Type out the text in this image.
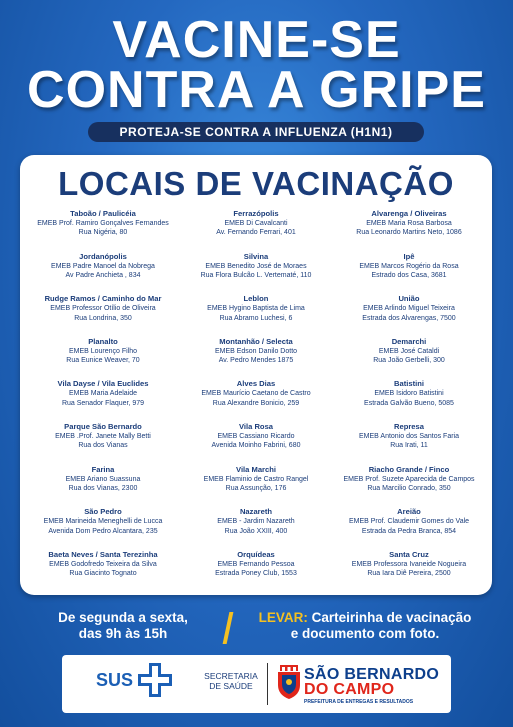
VACINE-SE
CONTRA A GRIPE
PROTEJA-SE CONTRA A INFLUENZA (H1N1)
LOCAIS DE VACINAÇÃO
Taboão / Paulicéia
EMEB Prof. Ramiro Gonçalves Fernandes
Rua Nigéria, 80
Ferrazópolis
EMEB Di Cavalcanti
Av. Fernando Ferrari, 401
Alvarenga / Oliveiras
EMEB Maria Rosa Barbosa
Rua Leonardo Martins Neto, 1086
Jordanópolis
EMEB Padre Manoel da Nobrega
Av Padre Anchieta , 834
Silvina
EMEB Benedito José de Moraes
Rua Flora Bulcão L. Vertematé, 110
Ipê
EMEB Marcos Rogério da Rosa
Estrado dos Casa, 3681
Rudge Ramos / Caminho do Mar
EMEB Professor Otílio de Oliveira
Rua Londrina, 350
Leblon
EMEB Hygino Baptista de Lima
Rua Abramo Luchesi, 6
União
EMEB Arlindo Miguel Teixeira
Estrada dos Alvarengas, 7500
Planalto
EMEB Lourenço Filho
Rua Eunice Weaver, 70
Montanhão / Selecta
EMEB Edson Danilo Dotto
Av. Pedro Mendes 1875
Demarchi
EMEB José Cataldi
Rua João Gerbelli, 300
Vila Dayse / Vila Euclides
EMEB Maria Adelaide
Rua Senador Flaquer, 979
Alves Dias
EMEB Maurício Caetano de Castro
Rua Alexandre Bonicio, 259
Batistini
EMEB Isidoro Batistini
Estrada Galvão Bueno, 5085
Parque São Bernardo
EMEB .Prof. Janete Mally Betti
Rua dos Vianas
Vila Rosa
EMEB Cassiano Ricardo
Avenida Moinho Fabrini, 680
Represa
EMEB Antonio dos Santos Faria
Rua Irati, 11
Farina
EMEB Ariano Suassuna
Rua dos Vianas, 2300
Vila Marchi
EMEB Flaminio de Castro Rangel
Rua Assunção, 176
Riacho Grande / Finco
EMEB Prof. Suzete Aparecida de Campos
Rua Marcilio Conrado, 350
São Pedro
EMEB Marineida Meneghelli de Lucca
Avenida Dom Pedro Alcantara, 235
Nazareth
EMEB - Jardim Nazareth
Rua João XXIII, 400
Areião
EMEB Prof. Claudemir Gomes do Vale
Estrada da Pedra Branca, 854
Baeta Neves / Santa Terezinha
EMEB Godofredo Teixeira da Silva
Rua Giacinto Tognato
Orquídeas
EMEB Fernando Pessoa
Estrada Poney Club, 1553
Santa Cruz
EMEB Professora Ivaneide Nogueira
Rua Iara Diê Pereira, 2500
De segunda a sexta,
das 9h às 15h
LEVAR: Carteirinha de vacinação
e documento com foto.
SUS	SECRETARIA
DE SAÚDE
SÃO BERNARDO
DO CAMPO
PREFEITURA DE ENTREGAS E RESULTADOS
